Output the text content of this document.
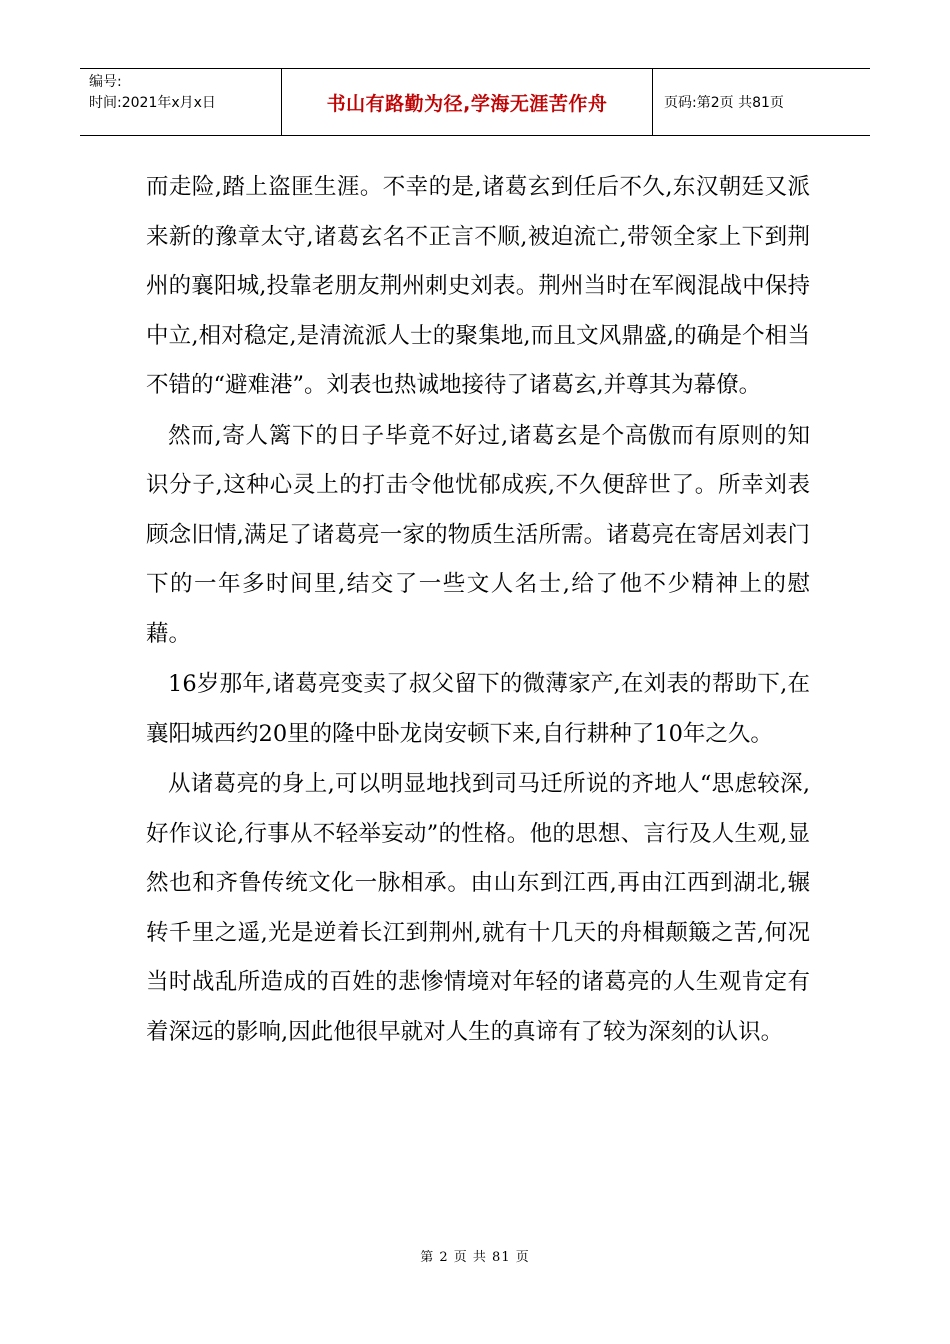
编号:
时间:2021年x月x日	书山有路勤为径,学海无涯苦作舟	页码:第2页 共81页

而走险,踏上盗匪生涯。不幸的是,诸葛玄到任后不久,东汉朝廷又派来新的豫章太守,诸葛玄名不正言不顺,被迫流亡,带领全家上下到荆州的襄阳城,投靠老朋友荆州刺史刘表。荆州当时在军阀混战中保持中立,相对稳定,是清流派人士的聚集地,而且文风鼎盛,的确是个相当不错的“避难港”。刘表也热诚地接待了诸葛玄,并尊其为幕僚。

然而,寄人篱下的日子毕竟不好过,诸葛玄是个高傲而有原则的知识分子,这种心灵上的打击令他忧郁成疾,不久便辞世了。所幸刘表顾念旧情,满足了诸葛亮一家的物质生活所需。诸葛亮在寄居刘表门下的一年多时间里,结交了一些文人名士,给了他不少精神上的慰藉。

16岁那年,诸葛亮变卖了叔父留下的微薄家产,在刘表的帮助下,在襄阳城西约20里的隆中卧龙岗安顿下来,自行耕种了10年之久。

从诸葛亮的身上,可以明显地找到司马迁所说的齐地人“思虑较深,好作议论,行事从不轻举妄动”的性格。他的思想、言行及人生观,显然也和齐鲁传统文化一脉相承。由山东到江西,再由江西到湖北,辗转千里之遥,光是逆着长江到荆州,就有十几天的舟楫颠簸之苦,何况当时战乱所造成的百姓的悲惨情境对年轻的诸葛亮的人生观肯定有着深远的影响,因此他很早就对人生的真谛有了较为深刻的认识。

第 2 页 共 81 页
